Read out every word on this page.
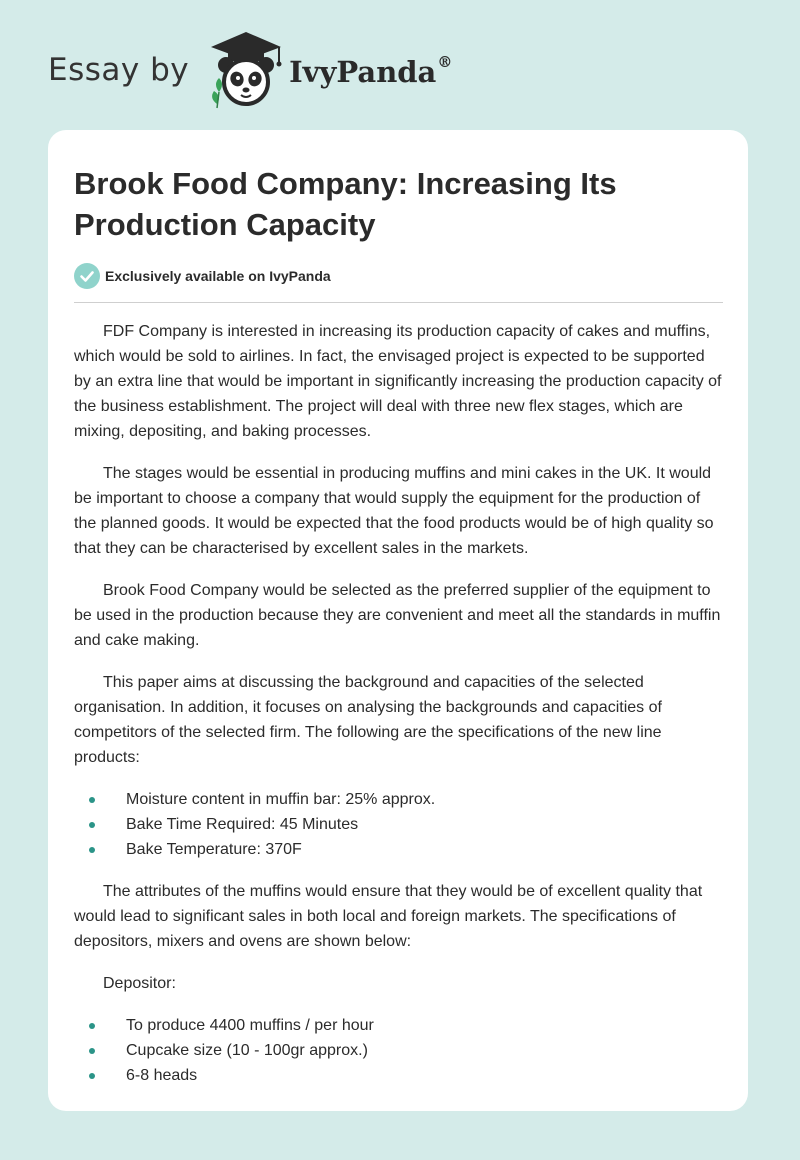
Essay by	IvyPanda®
Brook Food Company: Increasing Its Production Capacity
Exclusively available on IvyPanda

FDF Company is interested in increasing its production capacity of cakes and muffins, which would be sold to airlines. In fact, the envisaged project is expected to be supported by an extra line that would be important in significantly increasing the production capacity of the business establishment. The project will deal with three new flex stages, which are mixing, depositing, and baking processes.

The stages would be essential in producing muffins and mini cakes in the UK. It would be important to choose a company that would supply the equipment for the production of the planned goods. It would be expected that the food products would be of high quality so that they can be characterised by excellent sales in the markets.

Brook Food Company would be selected as the preferred supplier of the equipment to be used in the production because they are convenient and meet all the standards in muffin and cake making.

This paper aims at discussing the background and capacities of the selected organisation. In addition, it focuses on analysing the backgrounds and capacities of competitors of the selected firm. The following are the specifications of the new line products:

Moisture content in muffin bar: 25% approx.
Bake Time Required: 45 Minutes
Bake Temperature: 370F

The attributes of the muffins would ensure that they would be of excellent quality that would lead to significant sales in both local and foreign markets. The specifications of depositors, mixers and ovens are shown below:

Depositor:

To produce 4400 muffins / per hour
Cupcake size (10 - 100gr approx.)
6-8 heads
